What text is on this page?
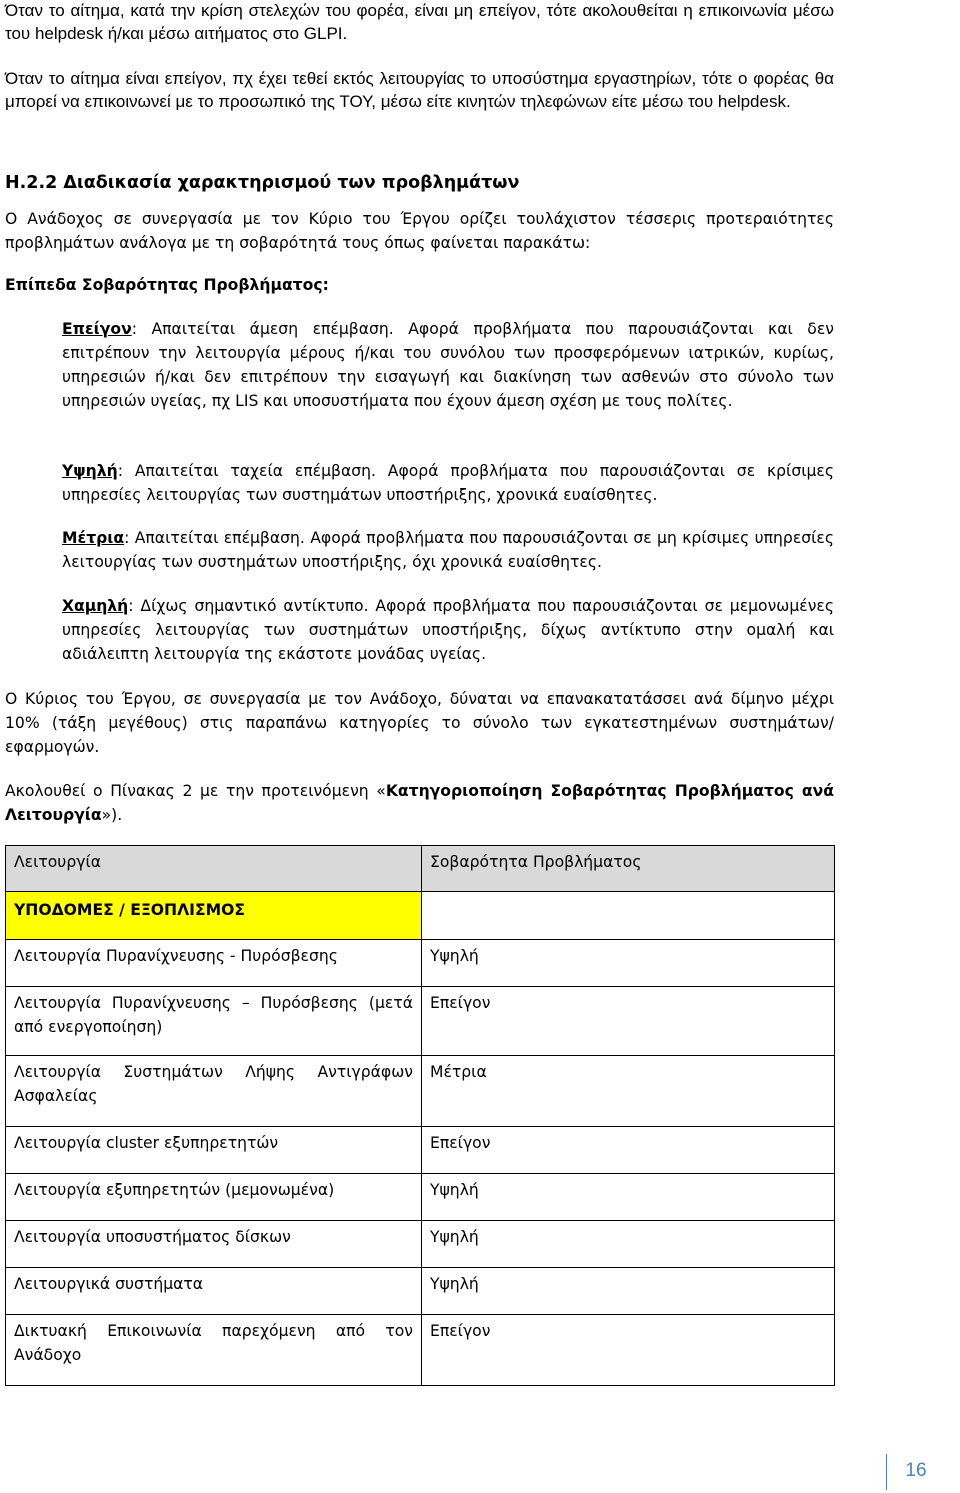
Όταν το αίτημα, κατά την κρίση στελεχών του φορέα, είναι μη επείγον, τότε ακολουθείται η επικοινωνία μέσω του helpdesk ή/και μέσω αιτήματος στο GLPI.

Όταν το αίτημα είναι επείγον, πχ έχει τεθεί εκτός λειτουργίας το υποσύστημα εργαστηρίων, τότε ο φορέας θα μπορεί να επικοινωνεί με το προσωπικό της ΤΟΥ, μέσω είτε κινητών τηλεφώνων είτε μέσω του helpdesk.

Η.2.2 Διαδικασία χαρακτηρισμού των προβλημάτων

Ο Ανάδοχος σε συνεργασία με τον Κύριο του Έργου ορίζει τουλάχιστον τέσσερις προτεραιότητες προβλημάτων ανάλογα με τη σοβαρότητά τους όπως φαίνεται παρακάτω:

Επίπεδα Σοβαρότητας Προβλήματος:

Επείγον: Απαιτείται άμεση επέμβαση. Αφορά προβλήματα που παρουσιάζονται και δεν επιτρέπουν την λειτουργία μέρους ή/και του συνόλου των προσφερόμενων ιατρικών, κυρίως, υπηρεσιών ή/και δεν επιτρέπουν την εισαγωγή και διακίνηση των ασθενών στο σύνολο των υπηρεσιών υγείας, πχ LIS και υποσυστήματα που έχουν άμεση σχέση με τους πολίτες.

Υψηλή: Απαιτείται ταχεία επέμβαση. Αφορά προβλήματα που παρουσιάζονται σε κρίσιμες υπηρεσίες λειτουργίας των συστημάτων υποστήριξης, χρονικά ευαίσθητες.

Μέτρια: Απαιτείται επέμβαση. Αφορά προβλήματα που παρουσιάζονται σε μη κρίσιμες υπηρεσίες λειτουργίας των συστημάτων υποστήριξης, όχι χρονικά ευαίσθητες.

Χαμηλή: Δίχως σημαντικό αντίκτυπο. Αφορά προβλήματα που παρουσιάζονται σε μεμονωμένες υπηρεσίες λειτουργίας των συστημάτων υποστήριξης, δίχως αντίκτυπο στην ομαλή και αδιάλειπτη λειτουργία της εκάστοτε μονάδας υγείας.

Ο Κύριος του Έργου, σε συνεργασία με τον Ανάδοχο, δύναται να επανακατατάσσει ανά δίμηνο μέχρι 10% (τάξη μεγέθους) στις παραπάνω κατηγορίες το σύνολο των εγκατεστημένων συστημάτων/εφαρμογών.

Ακολουθεί ο Πίνακας 2 με την προτεινόμενη «Κατηγοριοποίηση Σοβαρότητας Προβλήματος ανά Λειτουργία»).

Λειτουργία	Σοβαρότητα Προβλήματος
ΥΠΟΔΟΜΕΣ / ΕΞΟΠΛΙΣΜΟΣ	
Λειτουργία Πυρανίχνευσης - Πυρόσβεσης	Υψηλή
Λειτουργία Πυρανίχνευσης – Πυρόσβεσης (μετά από ενεργοποίηση)	Επείγον
Λειτουργία Συστημάτων Λήψης Αντιγράφων Ασφαλείας	Μέτρια
Λειτουργία cluster εξυπηρετητών	Επείγον
Λειτουργία εξυπηρετητών (μεμονωμένα)	Υψηλή
Λειτουργία υποσυστήματος δίσκων	Υψηλή
Λειτουργικά συστήματα	Υψηλή
Δικτυακή Επικοινωνία παρεχόμενη από τον Ανάδοχο	Επείγον
16
